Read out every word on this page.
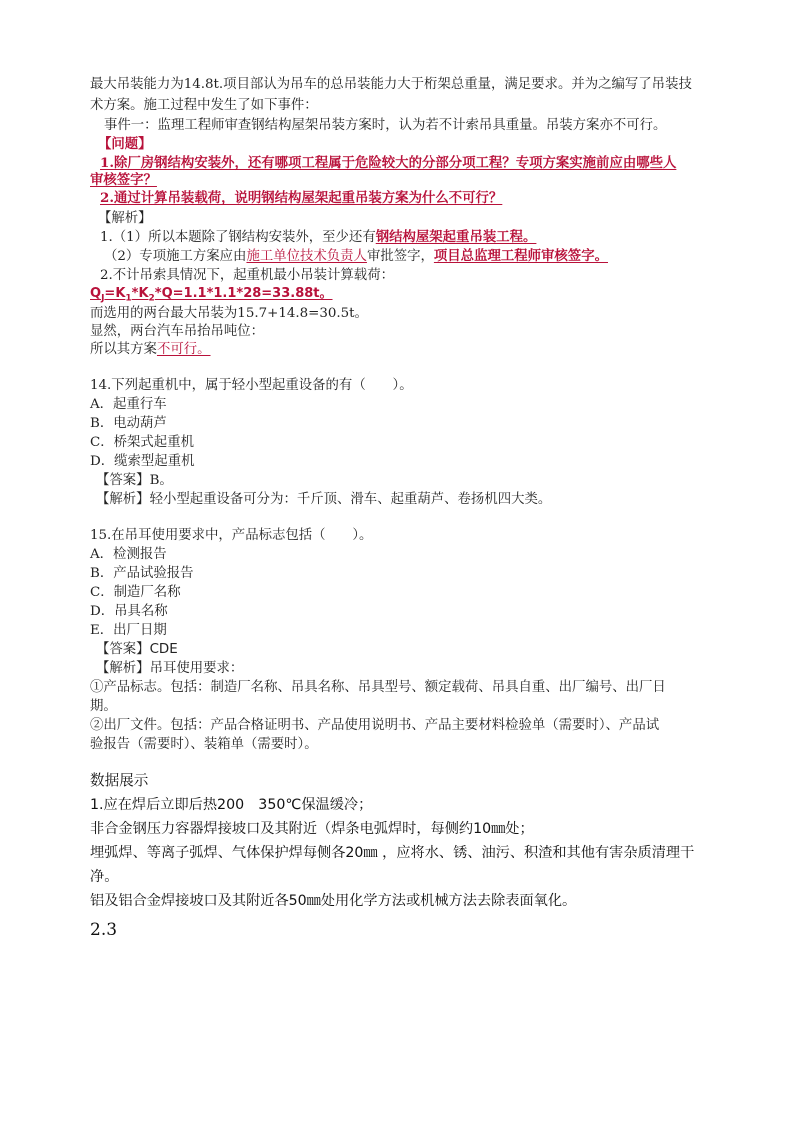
最大吊装能力为14.8t.项目部认为吊车的总吊装能力大于桁架总重量，满足要求。并为之编写了吊装技
术方案。施工过程中发生了如下事件：
事件一：监理工程师审查钢结构屋架吊装方案时，认为若不计索吊具重量。吊装方案亦不可行。
【问题】
1.除厂房钢结构安装外，还有哪项工程属于危险较大的分部分项工程？专项方案实施前应由哪些人
审核签字？
2.通过计算吊装载荷，说明钢结构屋架起重吊装方案为什么不可行？
【解析】
1.（1）所以本题除了钢结构安装外，至少还有钢结构屋架起重吊装工程。
（2）专项施工方案应由施工单位技术负责人审批签字，项目总监理工程师审核签字。
2.不计吊索具情况下，起重机最小吊装计算载荷：
$Q_J=K_1*K_2*Q=1.1*1.1*28=33.88t$。
而选用的两台最大吊装为15.7+14.8=30.5t。
显然，两台汽车吊抬吊吨位：
所以其方案不可行。
14.下列起重机中，属于轻小型起重设备的有（　　）。
A．起重行车
B．电动葫芦
C．桥架式起重机
D．缆索型起重机
【答案】B。
【解析】轻小型起重设备可分为：千斤顶、滑车、起重葫芦、卷扬机四大类。
15.在吊耳使用要求中，产品标志包括（　　）。
A．检测报告
B．产品试验报告
C．制造厂名称
D．吊具名称
E．出厂日期
【答案】CDE
【解析】吊耳使用要求：
①产品标志。包括：制造厂名称、吊具名称、吊具型号、额定载荷、吊具自重、出厂编号、出厂日
期。
②出厂文件。包括：产品合格证明书、产品使用说明书、产品主要材料检验单（需要时）、产品试
验报告（需要时）、装箱单（需要时）。
数据展示
1.应在焊后立即后热200　350℃保温缓冷；
非合金钢压力容器焊接坡口及其附近（焊条电弧焊时，每侧约10㎜处；
埋弧焊、等离子弧焊、气体保护焊每侧各20㎜ ，应将水、锈、油污、积渣和其他有害杂质清理干
净。
铝及铝合金焊接坡口及其附近各50㎜处用化学方法或机械方法去除表面氧化。
2.3
